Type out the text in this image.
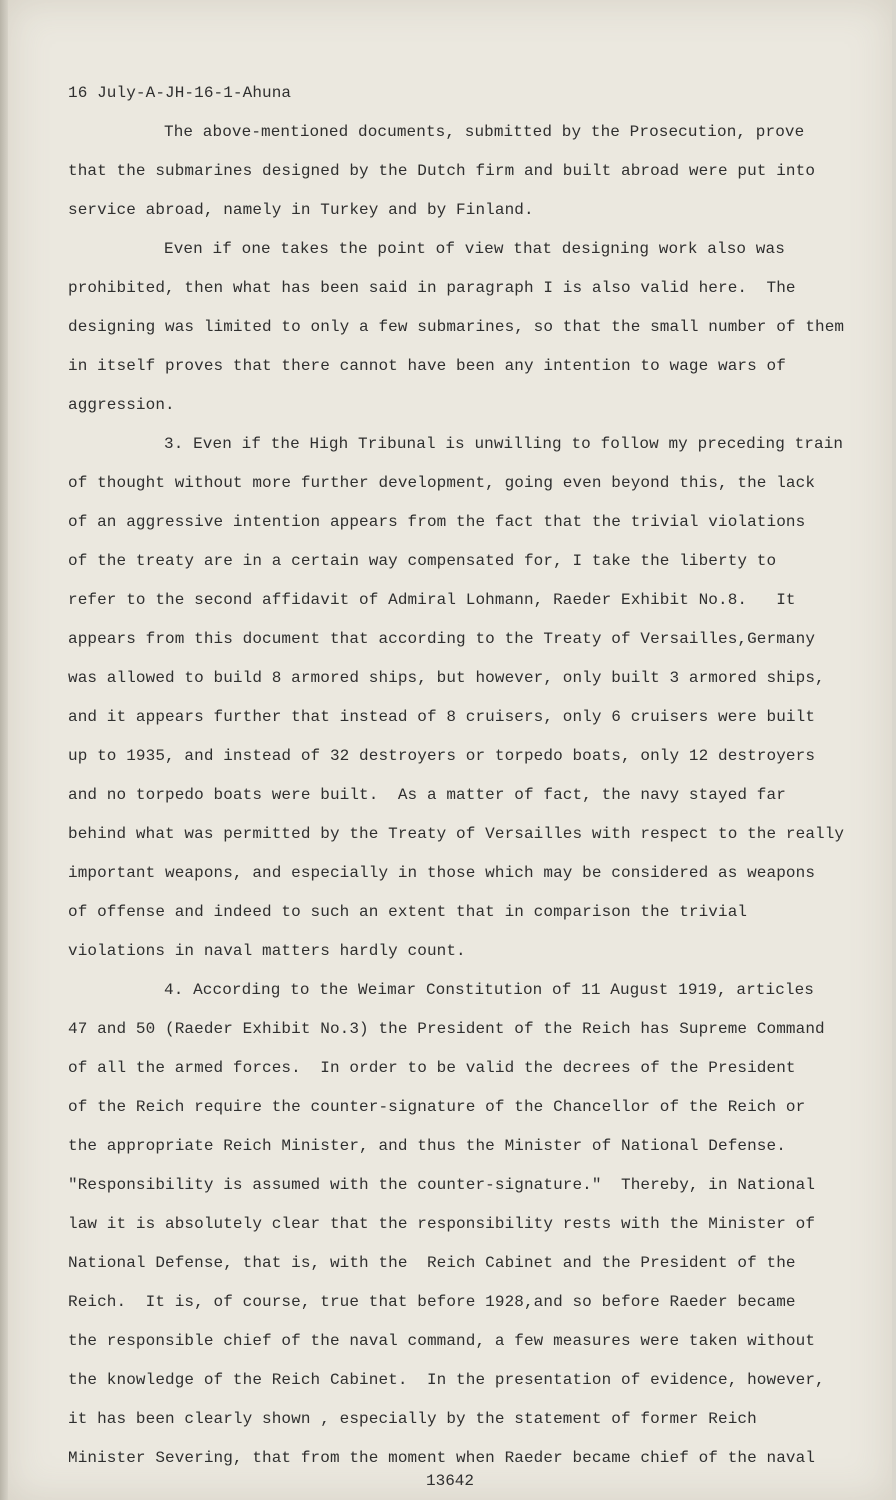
16 July-A-JH-16-1-Ahuna
The above-mentioned documents, submitted by the Prosecution, prove
that the submarines designed by the Dutch firm and built abroad were put into
service abroad, namely in Turkey and by Finland.
Even if one takes the point of view that designing work also was
prohibited, then what has been said in paragraph I is also valid here.  The
designing was limited to only a few submarines, so that the small number of them
in itself proves that there cannot have been any intention to wage wars of
aggression.
3. Even if the High Tribunal is unwilling to follow my preceding train
of thought without more further development, going even beyond this, the lack
of an aggressive intention appears from the fact that the trivial violations
of the treaty are in a certain way compensated for, I take the liberty to
refer to the second affidavit of Admiral Lohmann, Raeder Exhibit No.8.   It
appears from this document that according to the Treaty of Versailles,Germany
was allowed to build 8 armored ships, but however, only built 3 armored ships,
and it appears further that instead of 8 cruisers, only 6 cruisers were built
up to 1935, and instead of 32 destroyers or torpedo boats, only 12 destroyers
and no torpedo boats were built.  As a matter of fact, the navy stayed far
behind what was permitted by the Treaty of Versailles with respect to the really
important weapons, and especially in those which may be considered as weapons
of offense and indeed to such an extent that in comparison the trivial
violations in naval matters hardly count.
4. According to the Weimar Constitution of 11 August 1919, articles
47 and 50 (Raeder Exhibit No.3) the President of the Reich has Supreme Command
of all the armed forces.  In order to be valid the decrees of the President
of the Reich require the counter-signature of the Chancellor of the Reich or
the appropriate Reich Minister, and thus the Minister of National Defense.
"Responsibility is assumed with the counter-signature."  Thereby, in National
law it is absolutely clear that the responsibility rests with the Minister of
National Defense, that is, with the  Reich Cabinet and the President of the
Reich.  It is, of course, true that before 1928,and so before Raeder became
the responsible chief of the naval command, a few measures were taken without
the knowledge of the Reich Cabinet.  In the presentation of evidence, however,
it has been clearly shown , especially by the statement of former Reich
Minister Severing, that from the moment when Raeder became chief of the naval
13642
